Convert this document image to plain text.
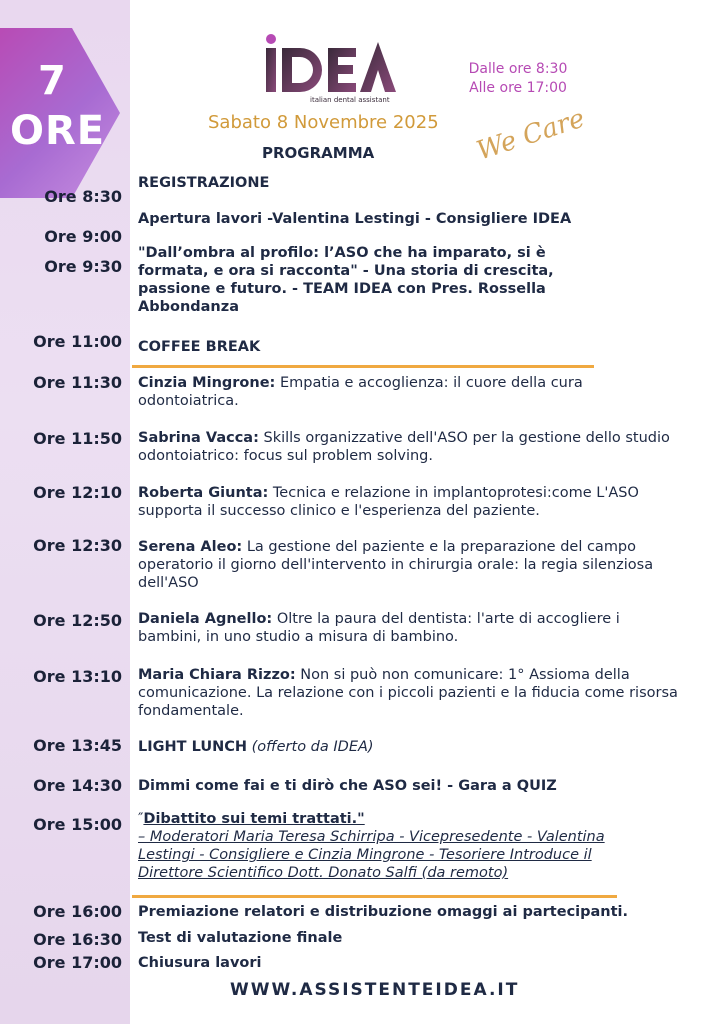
7
ORE
italian dental assistant
Sabato 8 Novembre 2025
Dalle ore 8:30
Alle ore 17:00
We Care
PROGRAMMA
Ore 8:30
Ore 9:00
Ore 9:30
Ore 11:00
Ore 11:30
Ore 11:50
Ore 12:10
Ore 12:30
Ore 12:50
Ore 13:10
Ore 13:45
Ore 14:30
Ore 15:00
Ore 16:00
Ore 16:30
Ore 17:00
REGISTRAZIONE
Apertura lavori -Valentina Lestingi - Consigliere IDEA
"Dall’ombra al profilo: l’ASO che ha imparato, si è formata, e ora si racconta" - Una storia di crescita, passione e futuro. - TEAM IDEA con Pres. Rossella Abbondanza
COFFEE BREAK
Cinzia Mingrone: Empatia e accoglienza: il cuore della cura odontoiatrica.
Sabrina Vacca: Skills organizzative dell'ASO per la gestione dello studio odontoiatrico: focus sul problem solving.
Roberta Giunta: Tecnica e relazione in implantoprotesi:come L'ASO supporta il successo clinico e l'esperienza del paziente.
Serena Aleo: La gestione del paziente e la preparazione del campo operatorio il giorno dell'intervento in chirurgia orale: la regia silenziosa dell'ASO
Daniela Agnello: Oltre la paura del dentista: l'arte di accogliere i bambini, in uno studio a misura di bambino.
Maria Chiara Rizzo: Non si può non comunicare: 1° Assioma della comunicazione. La relazione con i piccoli pazienti e la fiducia come risorsa fondamentale.
LIGHT LUNCH (offerto da IDEA)
Dimmi come fai e ti dirò che ASO sei! - Gara a QUIZ
″Dibattito sui temi trattati."
– Moderatori Maria Teresa Schirripa - Vicepresedente - Valentina Lestingi - Consigliere e Cinzia Mingrone - Tesoriere Introduce il Direttore Scientifico Dott. Donato Salfi (da remoto)
Premiazione relatori e distribuzione omaggi ai partecipanti.
Test di valutazione finale
Chiusura lavori
WWW.ASSISTENTEIDEA.IT
